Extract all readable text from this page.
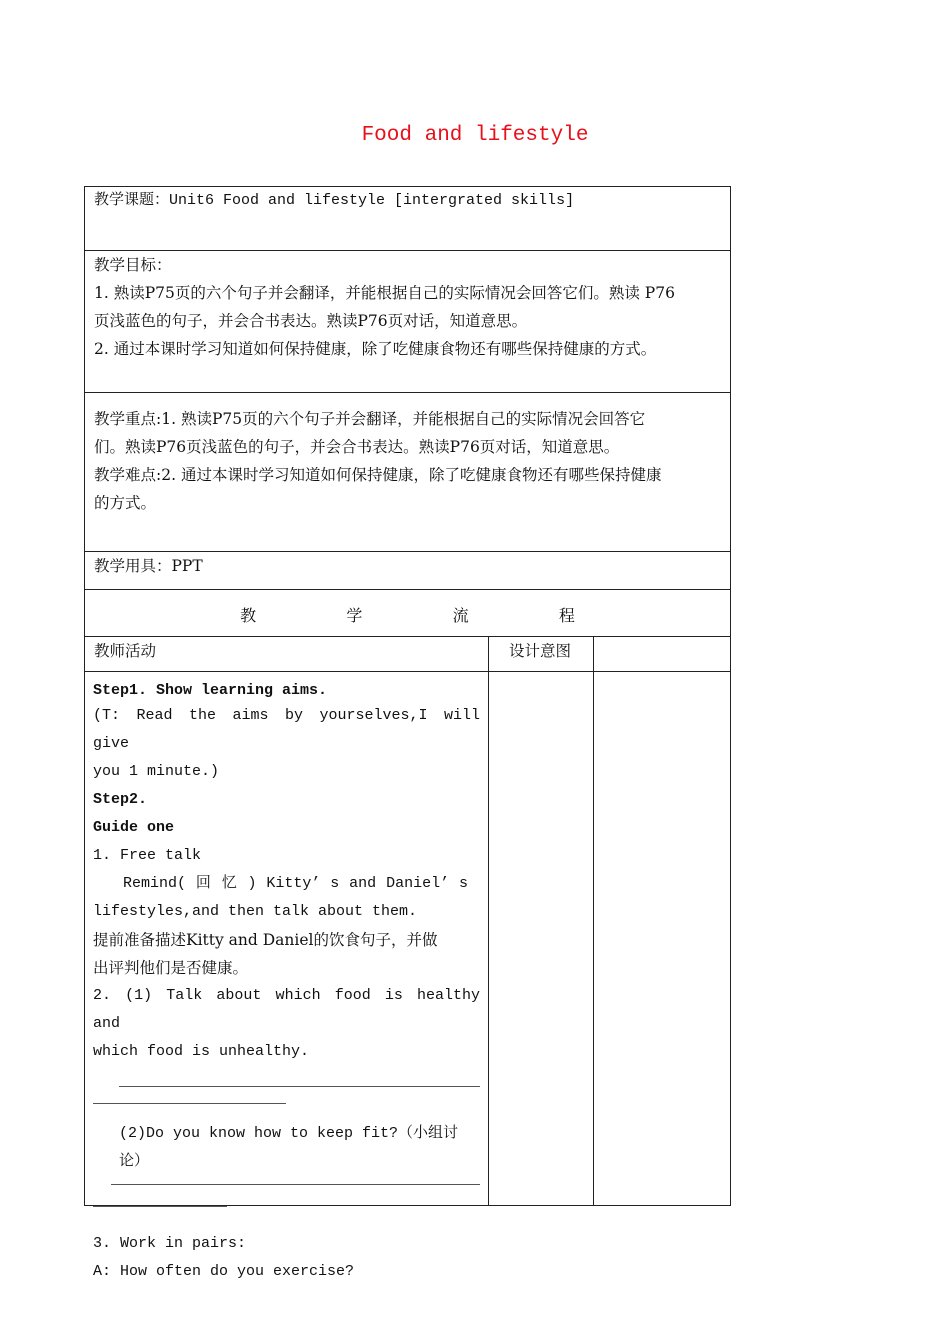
Food and lifestyle
教学课题：Unit6 Food and lifestyle [intergrated skills]
教学目标：
1. 熟读P75页的六个句子并会翻译，并能根据自己的实际情况会回答它们。熟读 P76
页浅蓝色的句子，并会合书表达。熟读P76页对话，知道意思。
2. 通过本课时学习知道如何保持健康，除了吃健康食物还有哪些保持健康的方式。
教学重点:1. 熟读P75页的六个句子并会翻译，并能根据自己的实际情况会回答它
们。熟读P76页浅蓝色的句子，并会合书表达。熟读P76页对话，知道意思。
教学难点:2. 通过本课时学习知道如何保持健康，除了吃健康食物还有哪些保持健康
的方式。
教学用具：PPT
教	学	流	程
教师活动	设计意图
Step1. Show learning aims.
(T: Read the aims by yourselves,I will give
you 1 minute.)
Step2.
Guide one
1. Free talk
Remind( 回 忆 ) Kitty’ s and Daniel’ s
lifestyles,and then talk about them.
提前准备描述Kitty and Daniel的饮食句子，并做
出评判他们是否健康。
2. (1) Talk about which food is healthy and
which food is unhealthy.
(2)Do you know how to keep fit?（小组讨论）
3. Work in pairs:
A: How often do you exercise?
